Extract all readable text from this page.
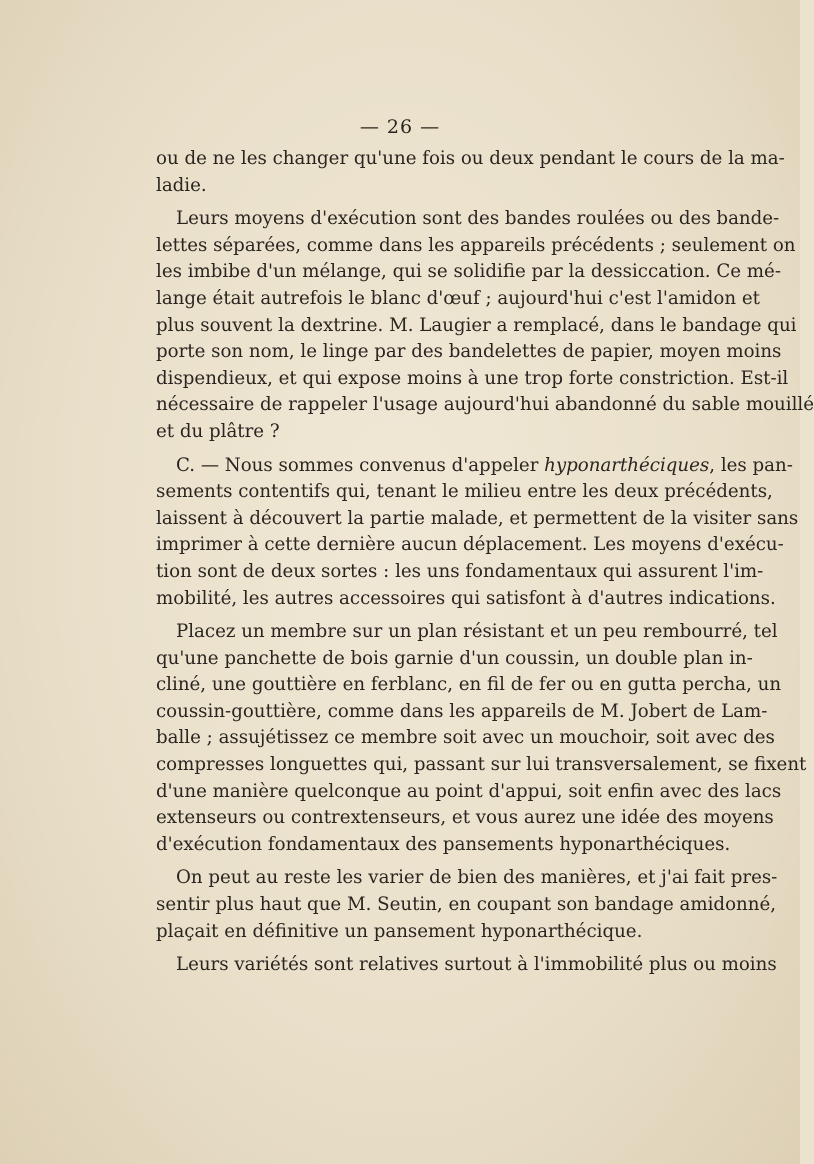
— 26 —

ou de ne les changer qu'une fois ou deux pendant le cours de la ma-
ladie.

Leurs moyens d'exécution sont des bandes roulées ou des bande-
lettes séparées, comme dans les appareils précédents ; seulement on
les imbibe d'un mélange, qui se solidifie par la dessiccation. Ce mé-
lange était autrefois le blanc d'œuf ; aujourd'hui c'est l'amidon et
plus souvent la dextrine. M. Laugier a remplacé, dans le bandage qui
porte son nom, le linge par des bandelettes de papier, moyen moins
dispendieux, et qui expose moins à une trop forte constriction. Est-il
nécessaire de rappeler l'usage aujourd'hui abandonné du sable mouillé
et du plâtre ?

C. — Nous sommes convenus d'appeler hyponarthéciques, les pan-
sements contentifs qui, tenant le milieu entre les deux précédents,
laissent à découvert la partie malade, et permettent de la visiter sans
imprimer à cette dernière aucun déplacement. Les moyens d'exécu-
tion sont de deux sortes : les uns fondamentaux qui assurent l'im-
mobilité, les autres accessoires qui satisfont à d'autres indications.

Placez un membre sur un plan résistant et un peu rembourré, tel
qu'une panchette de bois garnie d'un coussin, un double plan in-
cliné, une gouttière en ferblanc, en fil de fer ou en gutta percha, un
coussin-gouttière, comme dans les appareils de M. Jobert de Lam-
balle ; assujétissez ce membre soit avec un mouchoir, soit avec des
compresses longuettes qui, passant sur lui transversalement, se fixent
d'une manière quelconque au point d'appui, soit enfin avec des lacs
extenseurs ou contrextenseurs, et vous aurez une idée des moyens
d'exécution fondamentaux des pansements hyponarthéciques.

On peut au reste les varier de bien des manières, et j'ai fait pres-
sentir plus haut que M. Seutin, en coupant son bandage amidonné,
plaçait en définitive un pansement hyponarthécique.

Leurs variétés sont relatives surtout à l'immobilité plus ou moins
